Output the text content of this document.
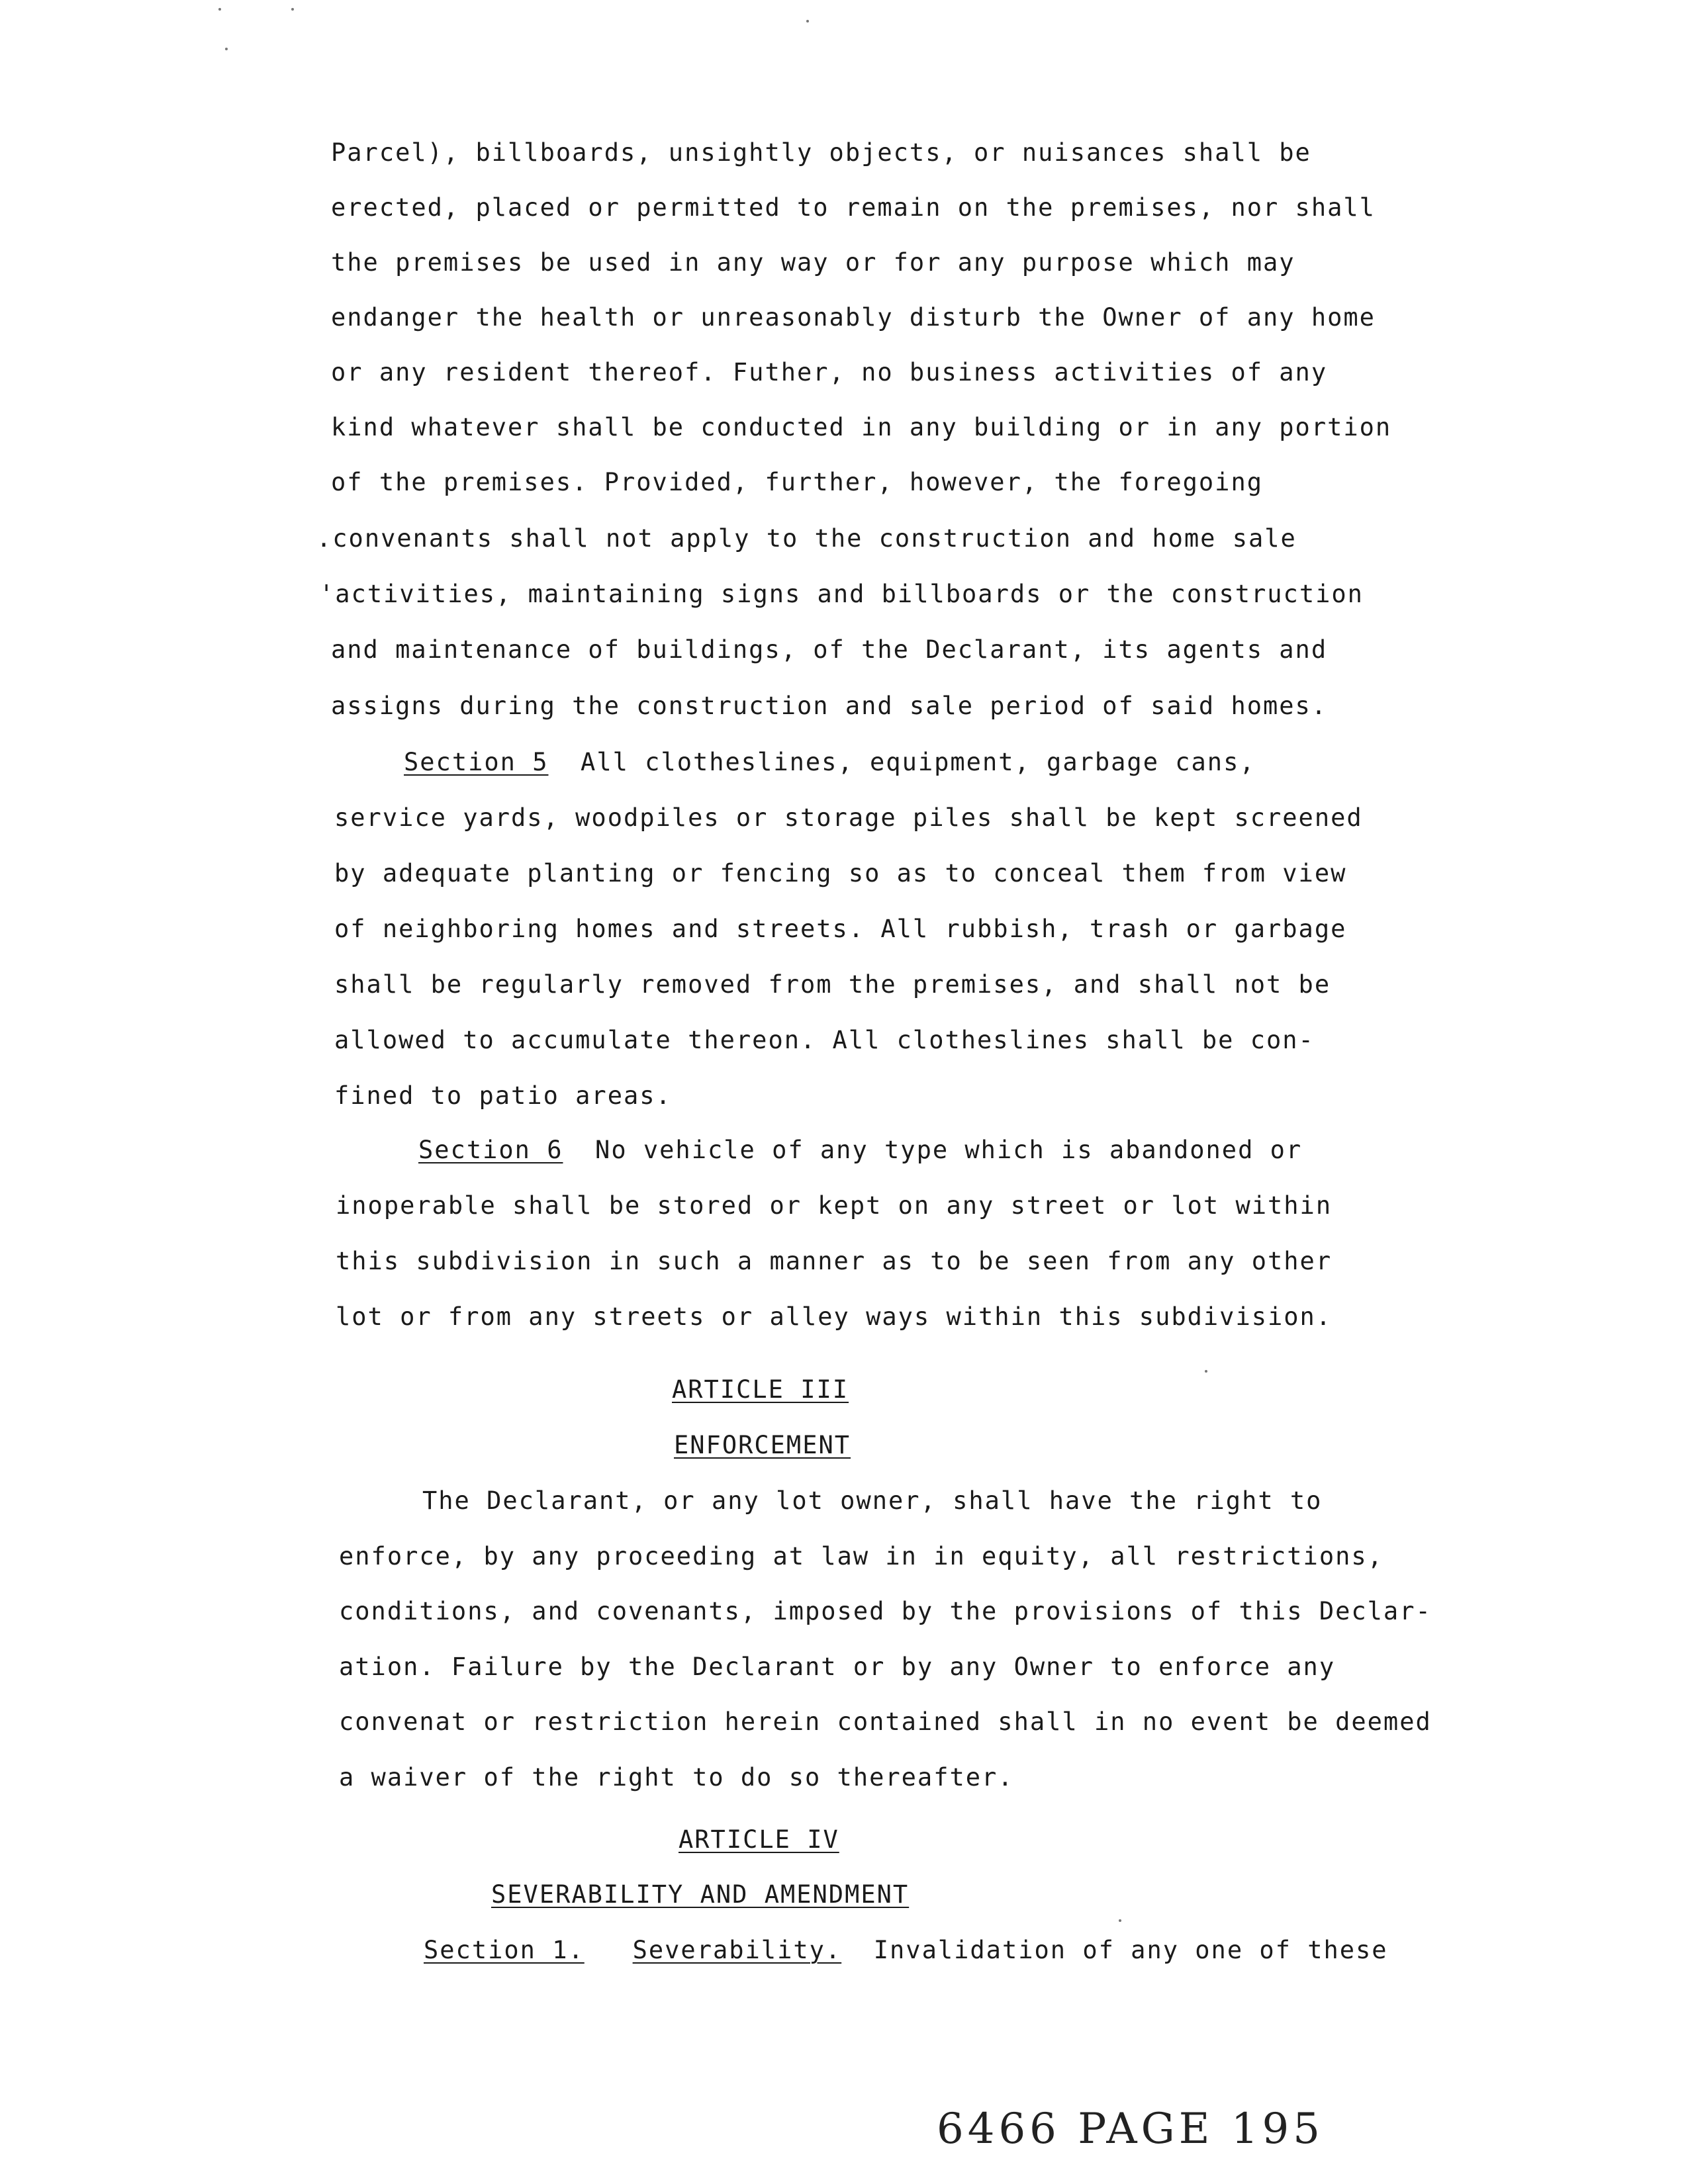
Parcel), billboards, unsightly objects, or nuisances shall be
erected, placed or permitted to remain on the premises, nor shall
the premises be used in any way or for any purpose which may
endanger the health or unreasonably disturb the Owner of any home
or any resident thereof. Futher, no business activities of any
kind whatever shall be conducted in any building or in any portion
of the premises. Provided, further, however, the foregoing
.convenants shall not apply to the construction and home sale
'activities, maintaining signs and billboards or the construction
and maintenance of buildings, of the Declarant, its agents and
assigns during the construction and sale period of said homes.
Section 5 All clotheslines, equipment, garbage cans,
service yards, woodpiles or storage piles shall be kept screened
by adequate planting or fencing so as to conceal them from view
of neighboring homes and streets. All rubbish, trash or garbage
shall be regularly removed from the premises, and shall not be
allowed to accumulate thereon. All clotheslines shall be con-
fined to patio areas.
Section 6 No vehicle of any type which is abandoned or
inoperable shall be stored or kept on any street or lot within
this subdivision in such a manner as to be seen from any other
lot or from any streets or alley ways within this subdivision.
ARTICLE III
ENFORCEMENT
The Declarant, or any lot owner, shall have the right to
enforce, by any proceeding at law in in equity, all restrictions,
conditions, and covenants, imposed by the provisions of this Declar-
ation. Failure by the Declarant or by any Owner to enforce any
convenat or restriction herein contained shall in no event be deemed
a waiver of the right to do so thereafter.
ARTICLE IV
SEVERABILITY AND AMENDMENT
Section 1. Severability. Invalidation of any one of these
6466 PAGE 195
